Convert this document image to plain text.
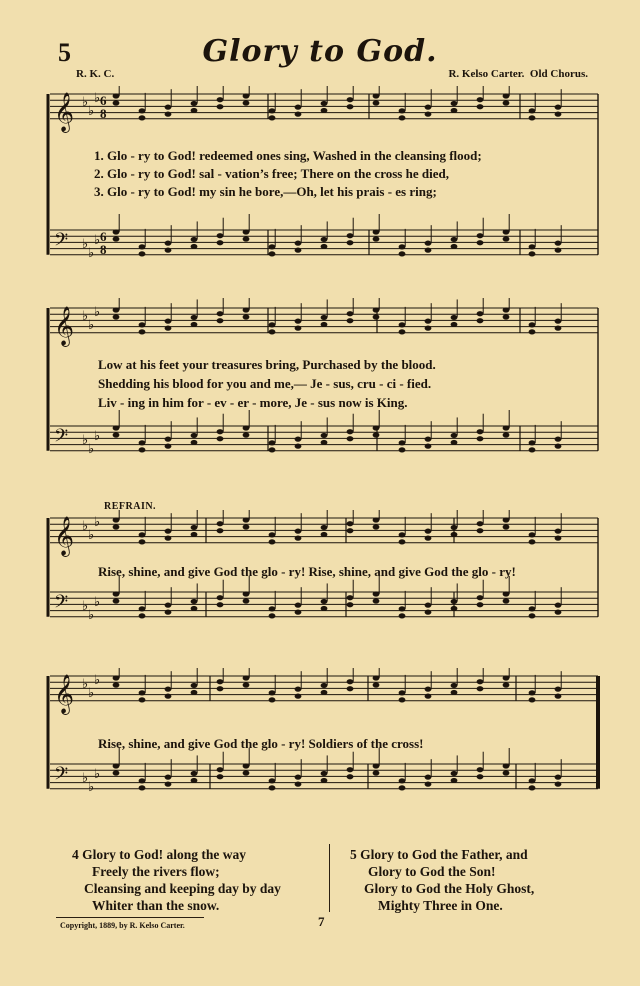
5	Glory to God.
R. K. C.	R. Kelso Carter. Old Chorus.
𝄞 ♭
♭
♭
𝄢 ♭
♭
♭
6
8
6
8
1. Glo - ry to God! redeemed ones sing, Washed in the cleansing flood;
2. Glo - ry to God! sal - vation’s free; There on the cross he died,
3. Glo - ry to God! my sin he bore,—Oh, let his prais - es ring;
𝄞 ♭
♭
♭
𝄢 ♭
♭
♭
Low at his feet your treasures bring, Purchased by the blood.
Shedding his blood for you and me,— Je - sus, cru - ci - fied.
Liv - ing in him for - ev - er - more, Je - sus now is King.
REFRAIN.
𝄞 ♭
♭
♭
𝄢 ♭
♭
♭
Rise, shine, and give God the glo - ry! Rise, shine, and give God the glo - ry!
𝄞 ♭
♭
♭
𝄢 ♭
♭
♭
Rise, shine, and give God the glo - ry! Soldiers of the cross!
4 Glory to God! along the way
Freely the rivers flow;
Cleansing and keeping day by day
Whiter than the snow.
5 Glory to God the Father, and
Glory to God the Son!
Glory to God the Holy Ghost,
Mighty Three in One.
Copyright, 1889, by R. Kelso Carter.	7
